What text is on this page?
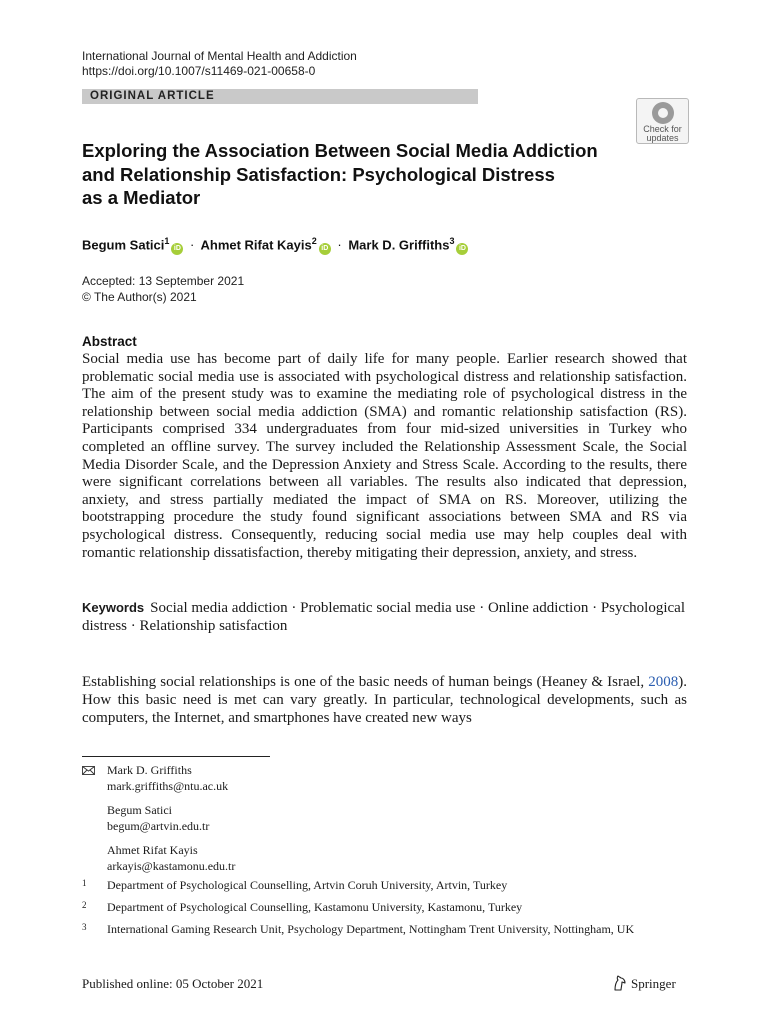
International Journal of Mental Health and Addiction
https://doi.org/10.1007/s11469-021-00658-0
ORIGINAL ARTICLE
Check for
updates
Exploring the Association Between Social Media Addiction
and Relationship Satisfaction: Psychological Distress
as a Mediator
Begum Satici$^1$iD · Ahmet Rifat Kayis$^2$iD · Mark D. Griffiths$^3$iD
Accepted: 13 September 2021
© The Author(s) 2021
Abstract
Social media use has become part of daily life for many people. Earlier research showed that problematic social media use is associated with psychological distress and relationship satisfaction. The aim of the present study was to examine the mediating role of psychological distress in the relationship between social media addiction (SMA) and romantic relationship satisfaction (RS). Participants comprised 334 undergraduates from four mid-sized universities in Turkey who completed an offline survey. The survey included the Relationship Assessment Scale, the Social Media Disorder Scale, and the Depression Anxiety and Stress Scale. According to the results, there were significant correlations between all variables. The results also indicated that depression, anxiety, and stress partially mediated the impact of SMA on RS. Moreover, utilizing the bootstrapping procedure the study found significant associations between SMA and RS via psychological distress. Consequently, reducing social media use may help couples deal with romantic relationship dissatisfaction, thereby mitigating their depression, anxiety, and stress.
Keywords Social media addiction · Problematic social media use · Online addiction · Psychological distress · Relationship satisfaction
Establishing social relationships is one of the basic needs of human beings (Heaney & Israel, 2008). How this basic need is met can vary greatly. In particular, technological developments, such as computers, the Internet, and smartphones have created new ways
Mark D. Griffiths
mark.griffiths@ntu.ac.uk
Begum Satici
begum@artvin.edu.tr
Ahmet Rifat Kayis
arkayis@kastamonu.edu.tr
1 Department of Psychological Counselling, Artvin Coruh University, Artvin, Turkey
2 Department of Psychological Counselling, Kastamonu University, Kastamonu, Turkey
3 International Gaming Research Unit, Psychology Department, Nottingham Trent University, Nottingham, UK
Published online: 05 October 2021	Springer
